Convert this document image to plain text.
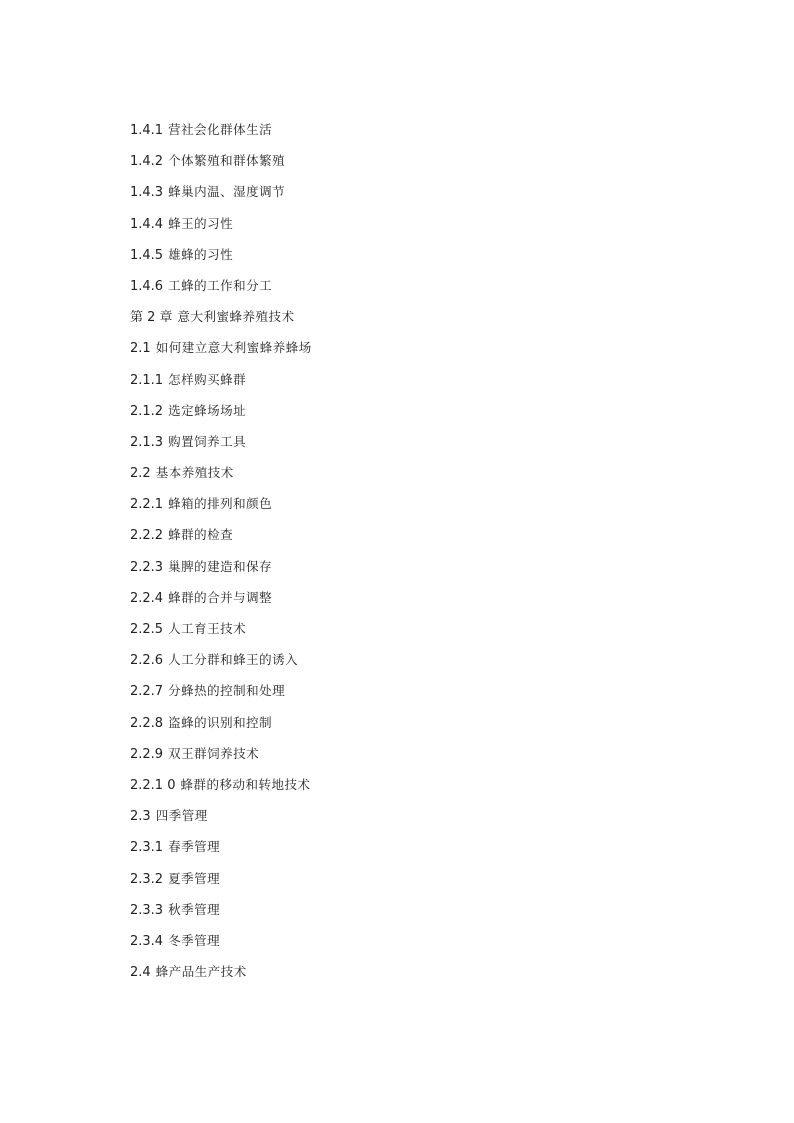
1.4.1 营社会化群体生活
1.4.2 个体繁殖和群体繁殖
1.4.3 蜂巢内温、湿度调节
1.4.4 蜂王的习性
1.4.5 雄蜂的习性
1.4.6 工蜂的工作和分工
第 2 章 意大利蜜蜂养殖技术
2.1 如何建立意大利蜜蜂养蜂场
2.1.1 怎样购买蜂群
2.1.2 选定蜂场场址
2.1.3 购置饲养工具
2.2 基本养殖技术
2.2.1 蜂箱的排列和颜色
2.2.2 蜂群的检查
2.2.3 巢脾的建造和保存
2.2.4 蜂群的合并与调整
2.2.5 人工育王技术
2.2.6 人工分群和蜂王的诱入
2.2.7 分蜂热的控制和处理
2.2.8 盗蜂的识别和控制
2.2.9 双王群饲养技术
2.2.1 0 蜂群的移动和转地技术
2.3 四季管理
2.3.1 春季管理
2.3.2 夏季管理
2.3.3 秋季管理
2.3.4 冬季管理
2.4 蜂产品生产技术
